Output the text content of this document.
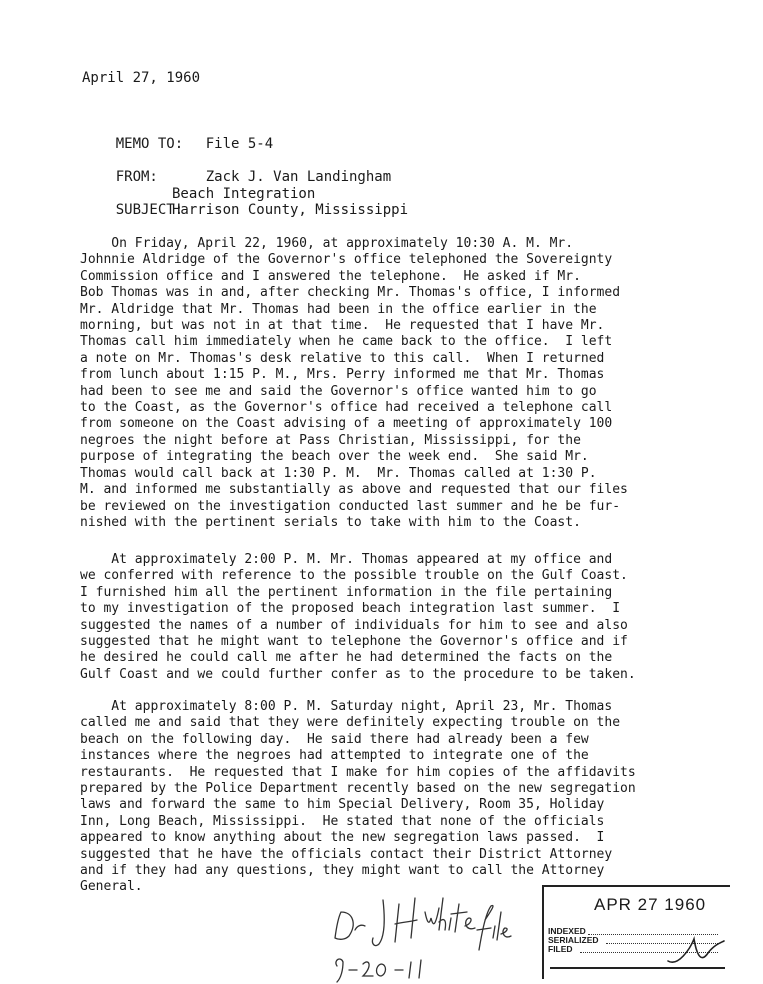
April 27, 1960

MEMO TO: File 5-4

FROM:	Zack J. Van Landingham

SUBJECT:

Beach Integration
Harrison County, Mississippi
On Friday, April 22, 1960, at approximately 10:30 A. M. Mr.
Johnnie Aldridge of the Governor's office telephoned the Sovereignty
Commission office and I answered the telephone.  He asked if Mr.
Bob Thomas was in and, after checking Mr. Thomas's office, I informed
Mr. Aldridge that Mr. Thomas had been in the office earlier in the
morning, but was not in at that time.  He requested that I have Mr.
Thomas call him immediately when he came back to the office.  I left
a note on Mr. Thomas's desk relative to this call.  When I returned
from lunch about 1:15 P. M., Mrs. Perry informed me that Mr. Thomas
had been to see me and said the Governor's office wanted him to go
to the Coast, as the Governor's office had received a telephone call
from someone on the Coast advising of a meeting of approximately 100
negroes the night before at Pass Christian, Mississippi, for the
purpose of integrating the beach over the week end.  She said Mr.
Thomas would call back at 1:30 P. M.  Mr. Thomas called at 1:30 P.
M. and informed me substantially as above and requested that our files
be reviewed on the investigation conducted last summer and he be fur-
nished with the pertinent serials to take with him to the Coast.
At approximately 2:00 P. M. Mr. Thomas appeared at my office and
we conferred with reference to the possible trouble on the Gulf Coast.
I furnished him all the pertinent information in the file pertaining
to my investigation of the proposed beach integration last summer.  I
suggested the names of a number of individuals for him to see and also
suggested that he might want to telephone the Governor's office and if
he desired he could call me after he had determined the facts on the
Gulf Coast and we could further confer as to the procedure to be taken.
At approximately 8:00 P. M. Saturday night, April 23, Mr. Thomas
called me and said that they were definitely expecting trouble on the
beach on the following day.  He said there had already been a few
instances where the negroes had attempted to integrate one of the
restaurants.  He requested that I make for him copies of the affidavits
prepared by the Police Department recently based on the new segregation
laws and forward the same to him Special Delivery, Room 35, Holiday
Inn, Long Beach, Mississippi.  He stated that none of the officials
appeared to know anything about the new segregation laws passed.  I
suggested that he have the officials contact their District Attorney
and if they had any questions, they might want to call the Attorney
General.
APR 27 1960
INDEXED
SERIALIZED
FILED
